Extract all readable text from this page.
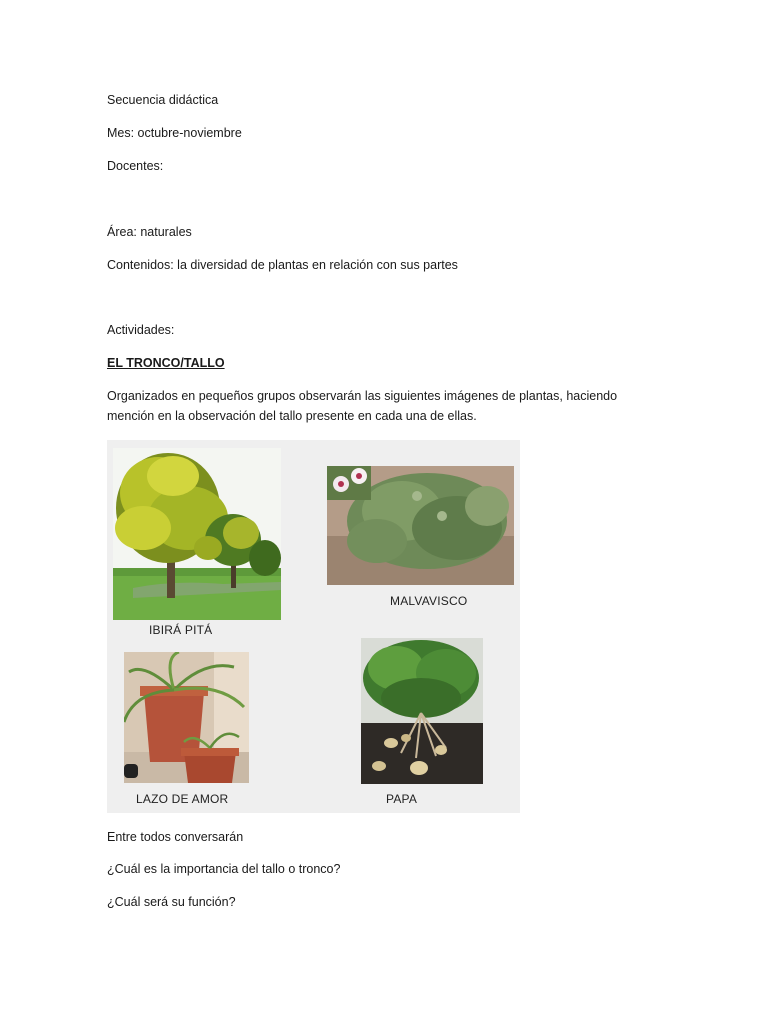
Secuencia didáctica

Mes: octubre-noviembre

Docentes:

Área: naturales

Contenidos: la diversidad de plantas en relación con sus partes

Actividades:

EL TRONCO/TALLO

Organizados en pequeños grupos observarán las siguientes imágenes de plantas, haciendo mención en la observación del tallo presente en cada una de ellas.

IBIRÁ PITÁ
MALVAVISCO
LAZO DE AMOR	PAPA

Entre todos conversarán

¿Cuál es la importancia del tallo o tronco?

¿Cuál será su función?
